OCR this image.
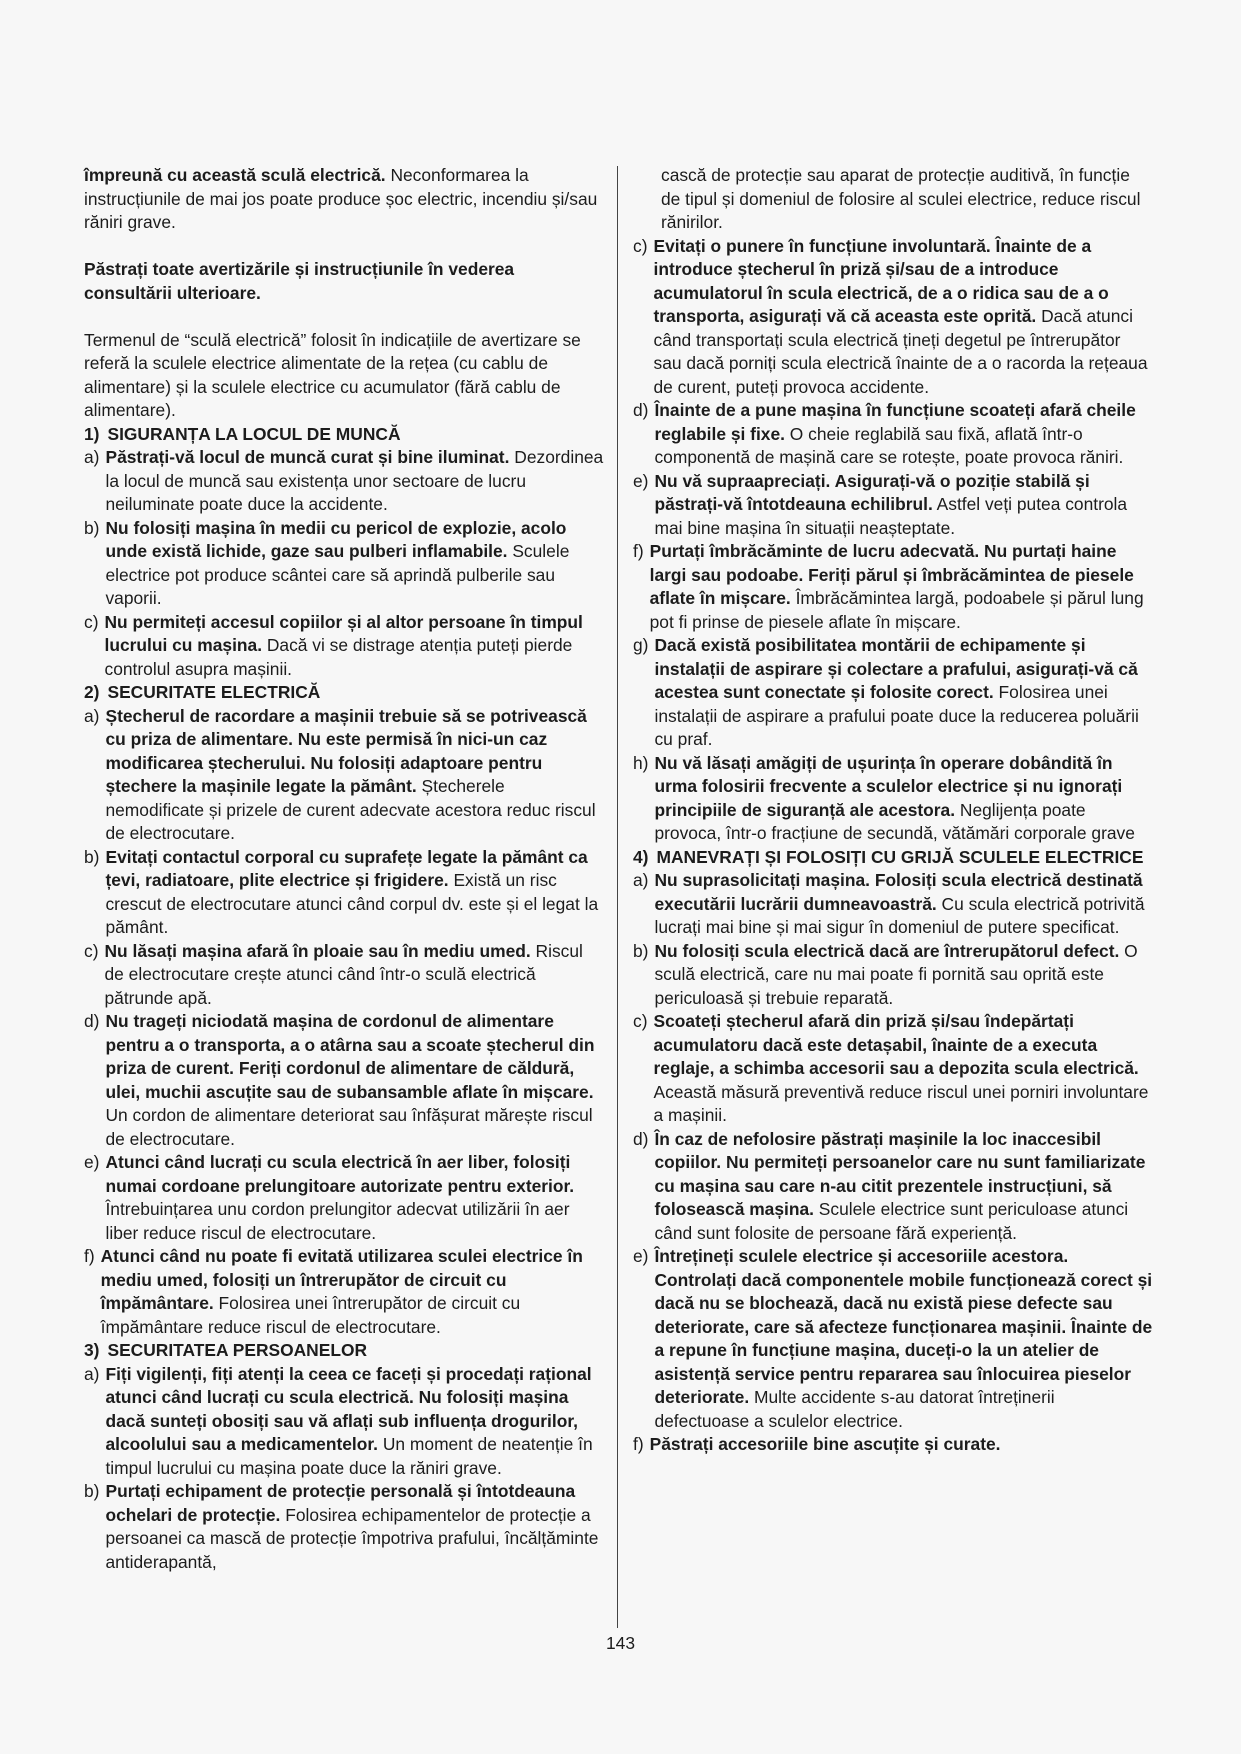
împreună cu această sculă electrică. Neconformarea la instrucțiunile de mai jos poate produce șoc electric, incendiu și/sau răniri grave.

Păstrați toate avertizările și instrucțiunile în vederea consultării ulterioare.

Termenul de “sculă electrică” folosit în indicațiile de avertizare se referă la sculele electrice alimentate de la rețea (cu cablu de alimentare) și la sculele electrice cu acumulator (fără cablu de alimentare).

1) SIGURANȚA LA LOCUL DE MUNCĂ
a) Păstrați-vă locul de muncă curat și bine iluminat. Dezordinea la locul de muncă sau existența unor sectoare de lucru neiluminate poate duce la accidente.
b) Nu folosiți mașina în medii cu pericol de explozie, acolo unde există lichide, gaze sau pulberi inflamabile. Sculele electrice pot produce scântei care să aprindă pulberile sau vaporii.
c) Nu permiteți accesul copiilor și al altor persoane în timpul lucrului cu mașina. Dacă vi se distrage atenția puteți pierde controlul asupra mașinii.
2) SECURITATE ELECTRICĂ
a) Ștecherul de racordare a mașinii trebuie să se potrivească cu priza de alimentare. Nu este permisă în nici-un caz modificarea ștecherului. Nu folosiți adaptoare pentru ștechere la mașinile legate la pământ. Ștecherele nemodificate și prizele de curent adecvate acestora reduc riscul de electrocutare.
b) Evitați contactul corporal cu suprafețe legate la pământ ca țevi, radiatoare, plite electrice și frigidere. Există un risc crescut de electrocutare atunci când corpul dv. este și el legat la pământ.
c) Nu lăsați mașina afară în ploaie sau în mediu umed. Riscul de electrocutare crește atunci când într-o sculă electrică pătrunde apă.
d) Nu trageți niciodată mașina de cordonul de alimentare pentru a o transporta, a o atârna sau a scoate ștecherul din priza de curent. Feriți cordonul de alimentare de căldură, ulei, muchii ascuțite sau de subansamble aflate în mișcare. Un cordon de alimentare deteriorat sau înfășurat mărește riscul de electrocutare.
e) Atunci când lucrați cu scula electrică în aer liber, folosiți numai cordoane prelungitoare autorizate pentru exterior. Întrebuințarea unu cordon prelungitor adecvat utilizării în aer liber reduce riscul de electrocutare.
f) Atunci când nu poate fi evitată utilizarea sculei electrice în mediu umed, folosiți un întrerupător de circuit cu împământare. Folosirea unei întrerupător de circuit cu împământare reduce riscul de electrocutare.
3) SECURITATEA PERSOANELOR
a) Fiți vigilenți, fiți atenți la ceea ce faceți și procedați rațional atunci când lucrați cu scula electrică. Nu folosiți mașina dacă sunteți obosiți sau vă aflați sub influența drogurilor, alcoolului sau a medicamentelor. Un moment de neatenție în timpul lucrului cu mașina poate duce la răniri grave.
b) Purtați echipament de protecție personală și întotdeauna ochelari de protecție. Folosirea echipamentelor de protecție a persoanei ca mască de protecție împotriva prafului, încălțăminte antiderapantă,

cască de protecție sau aparat de protecție auditivă, în funcție de tipul și domeniul de folosire al sculei electrice, reduce riscul rănirilor.

c) Evitați o punere în funcțiune involuntară. Înainte de a introduce ștecherul în priză și/sau de a introduce acumulatorul în scula electrică, de a o ridica sau de a o transporta, asigurați vă că aceasta este oprită. Dacă atunci când transportați scula electrică țineți degetul pe întrerupător sau dacă porniți scula electrică înainte de a o racorda la rețeaua de curent, puteți provoca accidente.
d) Înainte de a pune mașina în funcțiune scoateți afară cheile reglabile și fixe. O cheie reglabilă sau fixă, aflată într-o componentă de mașină care se rotește, poate provoca răniri.
e) Nu vă supraapreciați. Asigurați-vă o poziție stabilă și păstrați-vă întotdeauna echilibrul. Astfel veți putea controla mai bine mașina în situații neașteptate.
f) Purtați îmbrăcăminte de lucru adecvată. Nu purtați haine largi sau podoabe. Feriți părul și îmbrăcămintea de piesele aflate în mișcare. Îmbrăcămintea largă, podoabele și părul lung pot fi prinse de piesele aflate în mișcare.
g) Dacă există posibilitatea montării de echipamente și instalații de aspirare și colectare a prafului, asigurați-vă că acestea sunt conectate și folosite corect. Folosirea unei instalații de aspirare a prafului poate duce la reducerea poluării cu praf.
h) Nu vă lăsați amăgiți de ușurința în operare dobândită în urma folosirii frecvente a sculelor electrice și nu ignorați principiile de siguranță ale acestora. Neglijența poate provoca, într-o fracțiune de secundă, vătămări corporale grave
4) MANEVRAȚI ȘI FOLOSIȚI CU GRIJĂ SCULELE ELECTRICE
a) Nu suprasolicitați mașina. Folosiți scula electrică destinată executării lucrării dumneavoastră. Cu scula electrică potrivită lucrați mai bine și mai sigur în domeniul de putere specificat.
b) Nu folosiți scula electrică dacă are întrerupătorul defect. O sculă electrică, care nu mai poate fi pornită sau oprită este periculoasă și trebuie reparată.
c) Scoateți ștecherul afară din priză și/sau îndepărtați acumulatoru dacă este detașabil, înainte de a executa reglaje, a schimba accesorii sau a depozita scula electrică. Această măsură preventivă reduce riscul unei porniri involuntare a mașinii.
d) În caz de nefolosire păstrați mașinile la loc inaccesibil copiilor. Nu permiteți persoanelor care nu sunt familiarizate cu mașina sau care n-au citit prezentele instrucțiuni, să folosească mașina. Sculele electrice sunt periculoase atunci când sunt folosite de persoane fără experiență.
e) Întrețineți sculele electrice și accesoriile acestora. Controlați dacă componentele mobile funcționează corect și dacă nu se blochează, dacă nu există piese defecte sau deteriorate, care să afecteze funcționarea mașinii. Înainte de a repune în funcțiune mașina, duceți-o la un atelier de asistență service pentru repararea sau înlocuirea pieselor deteriorate. Multe accidente s-au datorat întreținerii defectuoase a sculelor electrice.
f) Păstrați accesoriile bine ascuțite și curate.
143
